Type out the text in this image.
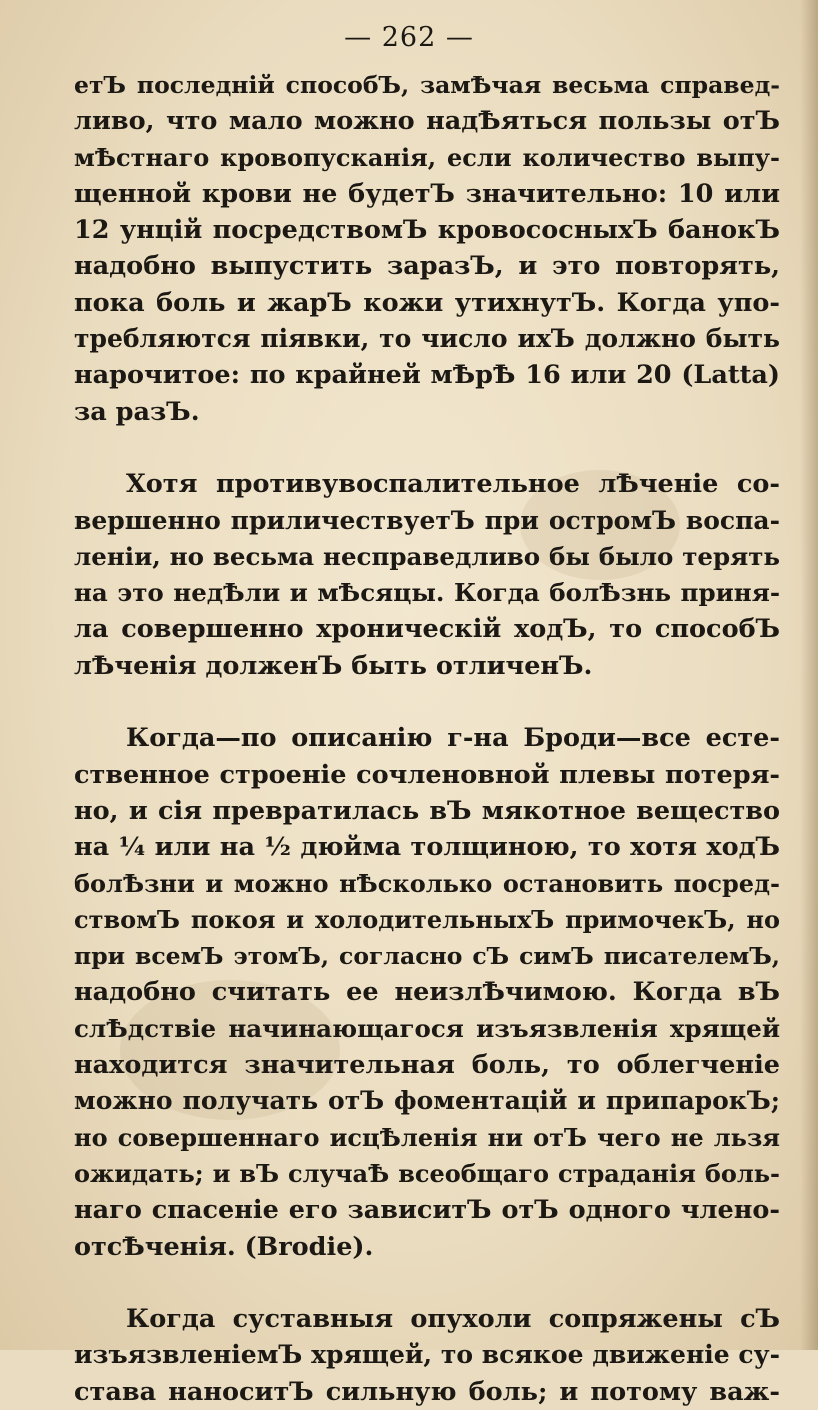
— 262 —
етЪ последній способЪ, замѢчая весьма справед-
ливо, что мало можно надѢяться пользы отЪ
мѢстнаго кровопусканія, если количество выпу-
щенной крови не будетЪ значительно: 10 или
12 унцій посредствомЪ кровососныхЪ банокЪ
надобно выпустить заразЪ, и это повторять,
пока боль и жарЪ кожи утихнутЪ. Когда упо-
требляются піявки, то число ихЪ должно быть
нарочитое: по крайней мѢрѢ 16 или 20 (Latta)
за разЪ.
Хотя противувоспалительное лѢченіе со-
вершенно приличествуетЪ при остромЪ воспа-
леніи, но весьма несправедливо бы было терять
на это недѢли и мѢсяцы. Когда болѢзнь приня-
ла совершенно хроническій ходЪ, то способЪ
лѢченія долженЪ быть отличенЪ.
Когда—по описанію г-на Броди—все есте-
ственное строеніе сочленовной плевы потеря-
но, и сія превратилась вЪ мякотное вещество
на ¼ или на ½ дюйма толщиною, то хотя ходЪ
болѢзни и можно нѢсколько остановить посред-
ствомЪ покоя и холодительныхЪ примочекЪ, но
при всемЪ этомЪ, согласно сЪ симЪ писателемЪ,
надобно считать ее неизлѢчимою. Когда вЪ
слѢдствіе начинающагося изъязвленія хрящей
находится значительная боль, то облегченіе
можно получать отЪ фоментацій и припарокЪ;
но совершеннаго исцѢленія ни отЪ чего не льзя
ожидать; и вЪ случаѢ всеобщаго страданія боль-
наго спасеніе его зависитЪ отЪ одного члено-
отсѢченія. (Brodie).
Когда суставныя опухоли сопряжены сЪ
изъязвленіемЪ хрящей, то всякое движеніе су-
става наноситЪ сильную боль; и потому важ-
